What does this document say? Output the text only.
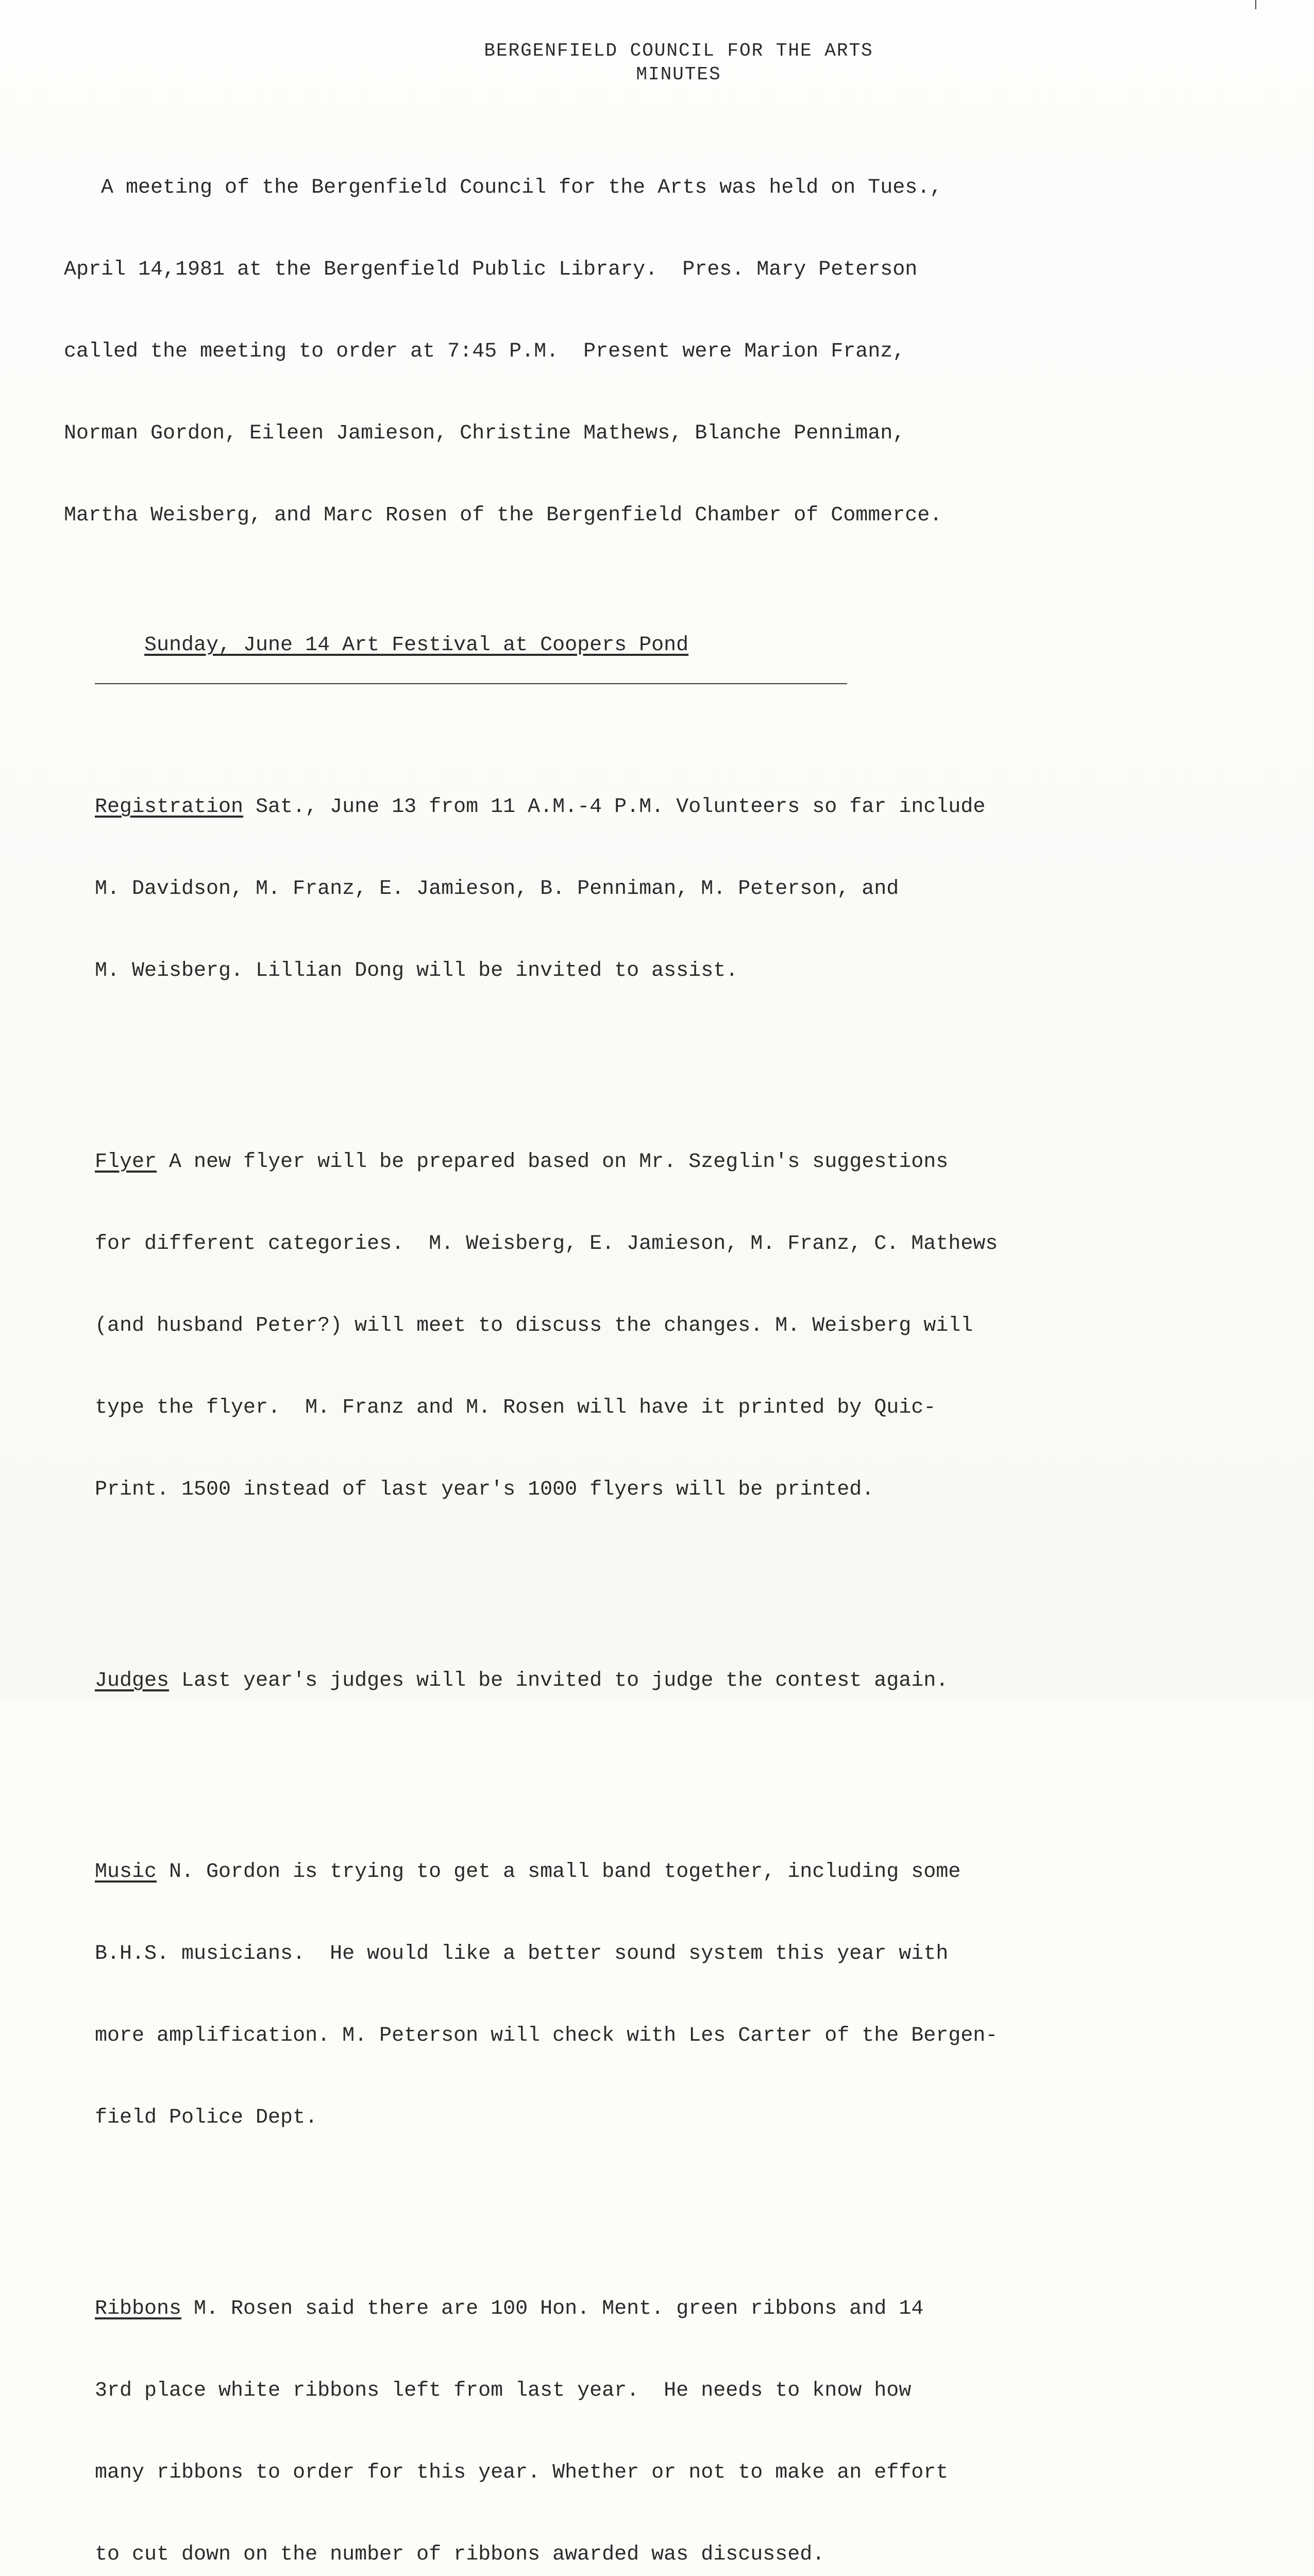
BERGENFIELD COUNCIL FOR THE ARTS
MINUTES

A meeting of the Bergenfield Council for the Arts was held on Tues.,

April 14,1981 at the Bergenfield Public Library.  Pres. Mary Peterson

called the meeting to order at 7:45 P.M.  Present were Marion Franz,

Norman Gordon, Eileen Jamieson, Christine Mathews, Blanche Penniman,

Martha Weisberg, and Marc Rosen of the Bergenfield Chamber of Commerce.

Sunday, June 14 Art Festival at Coopers Pond

Registration Sat., June 13 from 11 A.M.-4 P.M. Volunteers so far include

M. Davidson, M. Franz, E. Jamieson, B. Penniman, M. Peterson, and

M. Weisberg. Lillian Dong will be invited to assist.

Flyer A new flyer will be prepared based on Mr. Szeglin's suggestions

for different categories.  M. Weisberg, E. Jamieson, M. Franz, C. Mathews

(and husband Peter?) will meet to discuss the changes. M. Weisberg will

type the flyer.  M. Franz and M. Rosen will have it printed by Quic-

Print. 1500 instead of last year's 1000 flyers will be printed.

Judges Last year's judges will be invited to judge the contest again.

Music N. Gordon is trying to get a small band together, including some

B.H.S. musicians.  He would like a better sound system this year with

more amplification. M. Peterson will check with Les Carter of the Bergen-

field Police Dept.

Ribbons M. Rosen said there are 100 Hon. Ment. green ribbons and 14

3rd place white ribbons left from last year.  He needs to know how

many ribbons to order for this year. Whether or not to make an effort

to cut down on the number of ribbons awarded was discussed.
